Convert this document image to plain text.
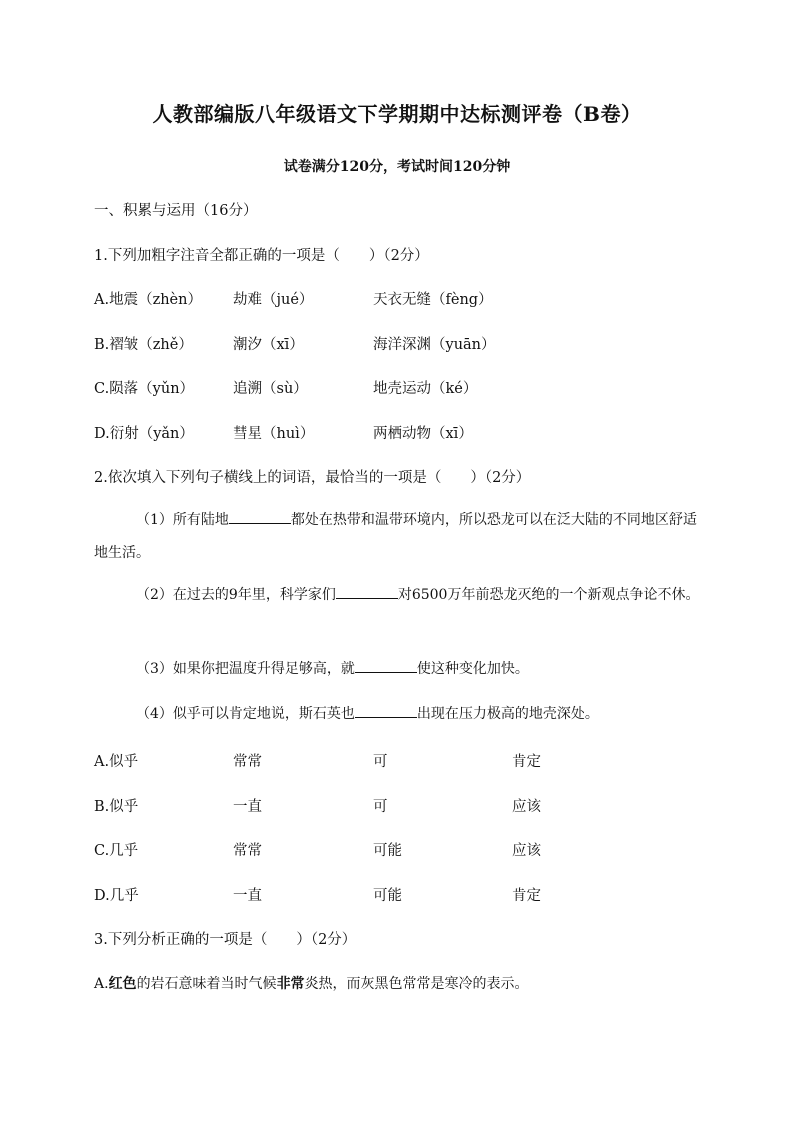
人教部编版八年级语文下学期期中达标测评卷（B卷）
试卷满分120分，考试时间120分钟
一、积累与运用（16分）
1.下列加粗字注音全都正确的一项是（　　）（2分）
A.地震（zhèn） 劫难（jué）	天衣无缝（fèng）
B.褶皱（zhě）	潮汐（xī）	海洋深渊（yuān）
C.陨落（yǔn）	追溯（sù）	地壳运动（ké）
D.衍射（yǎn）	彗星（huì）	两栖动物（xī）
2.依次填入下列句子横线上的词语，最恰当的一项是（　　）（2分）
（1）所有陆地	都处在热带和温带环境内，所以恐龙可以在泛大陆的不同地区舒适地生活。
（2）在过去的9年里，科学家们	对6500万年前恐龙灭绝的一个新观点争论不休。
（3）如果你把温度升得足够高，就	使这种变化加快。
（4）似乎可以肯定地说，斯石英也	出现在压力极高的地壳深处。
A.似乎	常常	可	肯定
B.似乎	一直	可	应该
C.几乎	常常	可能	应该
D.几乎	一直	可能	肯定
3.下列分析正确的一项是（　　）（2分）
A.红色的岩石意味着当时气候非常炎热，而灰黑色常常是寒冷的表示。
